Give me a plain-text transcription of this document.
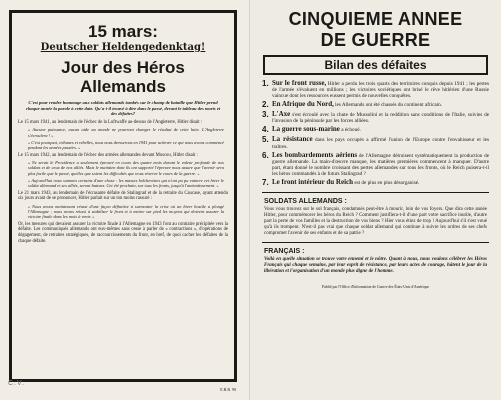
15 mars:
Deutscher Heldengedenktag!
Jour des Héros
Allemands
C'est pour rendre hommage aux soldats allemands tombés sur le champ de bataille que Hitler prend chaque année la parole à cette date. Qu'a-t-il trouvé à dire dans le passé, devant le tableau des morts et des défaites?
Le 15 mars 1941, au lendemain de l'échec de la Luftwaffe au-dessus de l'Angleterre, Hitler disait :
« Aucune puissance, aucun aide au monde ne pourront changer le résultat de cette lutte. L'Angleterre s'écroulera ! »
« C'est pourquoi, tribunes et rebelles, nous nous dresserons en 1941 pour achever ce qui nous avons commencé pendant les années passées. »
Le 15 mars 1942, au lendemain de l'échec des armées allemandes devant Moscou, Hitler disait :
« Ne serait le Providence a seulement éprouvé en cours des quatre mois durant le valeur profonde de nos soldats et de ceux de nos alliés. Mais le maintien dont ils ont supporté l'épreuve nous assure que l'avenir sera plus facile que le passé, quelles que soient les difficultés que nous réserve le cours de la guerre. »
« Aujourd'hui nous sommes certains d'une chose : les masses bolchevistes qui n'ont pu pu vaincre cet hiver le soldat allemand et ses alliés, seront battues. Cet été prochain, sur tous les fronts, jusqu'à l'anéantissement. »
Le 21 mars 1943, au lendemain de l'écrasante défaite de Stalingrad et de la retraite du Caucase, ayant attendu six jours avant de se prononcer, Hitler parlait sur un ton moins rassuré :
« Nous avons maintenant réussi d'une façon définitive à surmonter la crise où un hiver hostile a plongé l'Allemagne ; nous avons réussi à stabiliser le front et à mettre sur pied les moyens qui doivent assurer la victoire finale dans les mois à venir. »
Or, les mesures qui devaient assurer la victoire finale à l'Allemagne en 1943 l'ont au contraire précipitée vers la défaite. Les communiqués allemands ont eux-mêmes sans cesse à parler de « contractions », d'opérations de dégagement, de retraites stratégiques, de raccourcissements du front, en bref, de quoi cacher les défaites de la chaque défaite.
E.B.R. 90
C.V.
CINQUIEME ANNEE
DE GUERRE
Bilan des défaites
1. Sur le front russe, Hitler a perdu les trois quarts des territoires conquis depuis 1941 ; les pertes de l'armée s'évaluent en millions ; les victoires soviétiques ont brisé le rêve hitlérien d'une Russie vaincue dont les ressources eussent permis de nouvelles conquêtes.
2. En Afrique du Nord, les Allemands ont été chassés du continent africain.
3. L'Axe s'est écroulé avec la chute de Mussolini et la reddition sans conditions de l'Italie, suivies de l'invasion de la péninsule par les forces alliées.
4. La guerre sous-marine a échoué.
5. La résistance dans les pays occupés a affirmé l'union de l'Europe contre l'envahisseur et les traîtres.
6. Les bombardements aériens de l'Allemagne détruisent systématiquement la production de guerre allemande. La main-d'œuvre manque, les matières premières commencent à manquer. D'autre part, étant donné le nombre croissant des pertes allemandes sur tous les fronts, où le Reich puisera-t-il les héros commandés à de futurs Stalingrad ?
7. Le front intérieur du Reich est de plus en plus désorganisé.
SOLDATS ALLEMANDS :
Vous vous trouvez sur le sol français, condamnés peut-être à mourir, loin de vos foyers. Que dira cette année Hitler, pour commémorer les héros du Reich ? Comment justifiera-t-il d'une part votre sacrifice inutile, d'autre part la perte de vos familles et la destruction de vos biens ? Hier vous étiez de trop ! Aujourd'hui s'il s'est voué qu'à ils trompent. N'est-il pas vrai que chaque soldat allemand qui continue à suivre les ordres de ses chefs compromet l'avenir de ses enfants et de sa patrie ?
FRANÇAIS :
Voilà en quelle situation se trouve votre ennemi et le nôtre. Quant à nous, nous voulons célébrer les Héros Français qui chaque semaine, par leur esprit de résistance, par leurs actes de courage, hâtent le jour de la libération et l'organisation d'un monde plus digne de l'homme.
Publié par l'Office d'Information de Guerre des États-Unis d'Amérique
